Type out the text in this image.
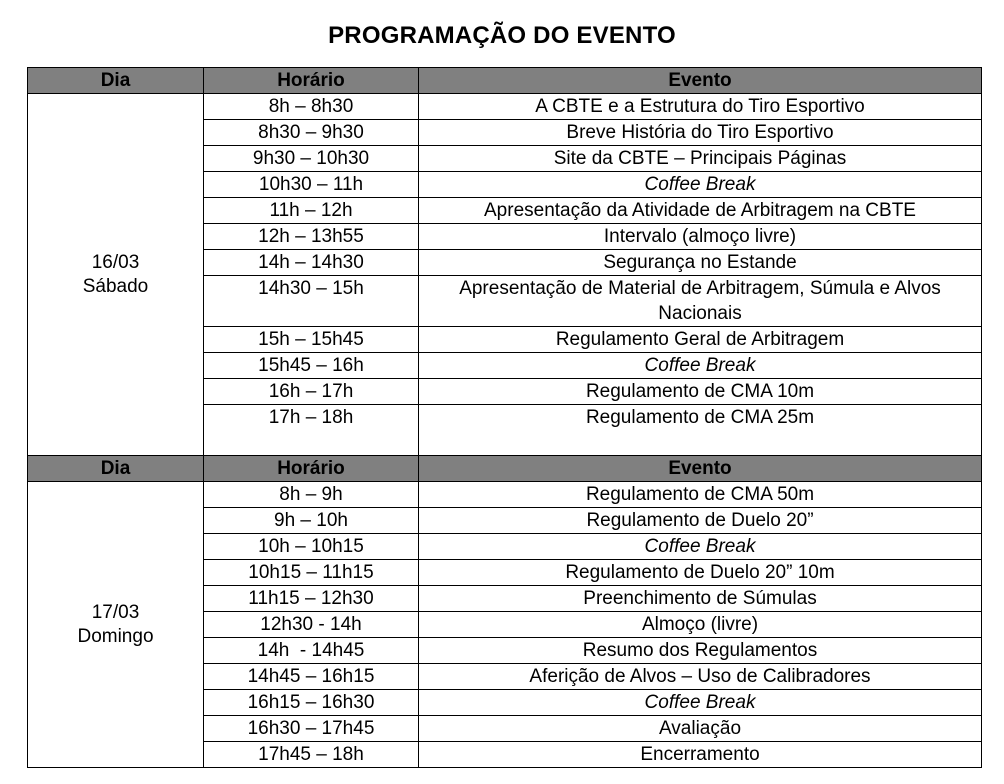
PROGRAMAÇÃO DO EVENTO
Dia	Horário	Evento

16/03
Sábado	8h – 8h30	A CBTE e a Estrutura do Tiro Esportivo
	8h30 – 9h30	Breve História do Tiro Esportivo
	9h30 – 10h30	Site da CBTE – Principais Páginas
	10h30 – 11h	Coffee Break
	11h – 12h	Apresentação da Atividade de Arbitragem na CBTE
	12h – 13h55	Intervalo (almoço livre)
	14h – 14h30	Segurança no Estande
	14h30 – 15h	Apresentação de Material de Arbitragem, Súmula e Alvos Nacionais
	15h – 15h45	Regulamento Geral de Arbitragem
	15h45 – 16h	Coffee Break
	16h – 17h	Regulamento de CMA 10m
	17h – 18h	Regulamento de CMA 25m
Dia	Horário	Evento

17/03
Domingo	8h – 9h	Regulamento de CMA 50m
	9h – 10h	Regulamento de Duelo 20”
	10h – 10h15	Coffee Break
	10h15 – 11h15	Regulamento de Duelo 20” 10m
	11h15 – 12h30	Preenchimento de Súmulas
	12h30 - 14h	Almoço (livre)
	14h  - 14h45	Resumo dos Regulamentos
	14h45 – 16h15	Aferição de Alvos – Uso de Calibradores
	16h15 – 16h30	Coffee Break
	16h30 – 17h45	Avaliação
	17h45 – 18h	Encerramento
